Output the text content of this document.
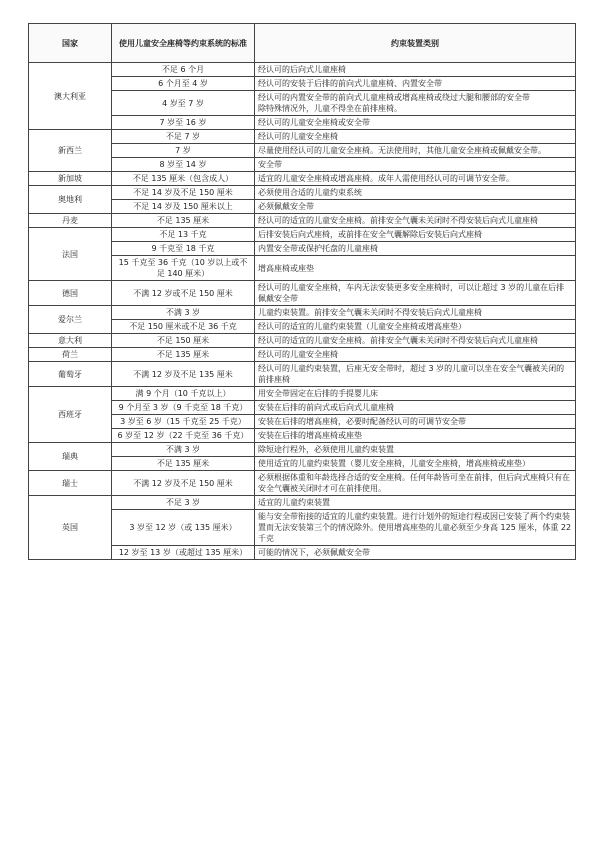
国家	使用儿童安全座椅等约束系统的标准	约束装置类别
澳大利亚	不足 6 个月	经认可的后向式儿童座椅
	6 个月至 4 岁	经认可的安装于后排的前向式儿童座椅、内置安全带
	4 岁至 7 岁	经认可的内置安全带的前向式儿童座椅或增高座椅或绕过大腿和腰部的安全带
除特殊情况外，儿童不得坐在前排座椅。
	7 岁至 16 岁	经认可的儿童安全座椅或安全带
新西兰	不足 7 岁	经认可的儿童安全座椅
	7 岁	尽量使用经认可的儿童安全座椅。无法使用时，其他儿童安全座椅或佩戴安全带。
	8 岁至 14 岁	安全带
新加坡	不足 135 厘米（包含成人）	适宜的儿童安全座椅或增高座椅。成年人需使用经认可的可调节安全带。
奥地利	不足 14 岁及不足 150 厘米	必须使用合适的儿童约束系统
	不足 14 岁及 150 厘米以上	必须佩戴安全带
丹麦	不足 135 厘米	经认可的适宜的儿童安全座椅。前排安全气囊未关闭时不得安装后向式儿童座椅
法国	不足 13 千克	后排安装后向式座椅，或前排在安全气囊解除后安装后向式座椅
	9 千克至 18 千克	内置安全带或保护托盘的儿童座椅
	15 千克至 36 千克（10 岁以上或不足 140 厘米）	增高座椅或座垫
德国	不满 12 岁或不足 150 厘米	经认可的儿童安全座椅，车内无法安装更多安全座椅时，可以让超过 3 岁的儿童在后排佩戴安全带
爱尔兰	不满 3 岁	儿童约束装置。前排安全气囊未关闭时不得安装后向式儿童座椅
	不足 150 厘米或不足 36 千克	经认可的适宜的儿童约束装置（儿童安全座椅或增高座垫）
意大利	不足 150 厘米	经认可的适宜的儿童安全座椅。前排安全气囊未关闭时不得安装后向式儿童座椅
荷兰	不足 135 厘米	经认可的儿童安全座椅
葡萄牙	不满 12 岁及不足 135 厘米	经认可的儿童约束装置，后座无安全带时，超过 3 岁的儿童可以坐在安全气囊被关闭的前排座椅
西班牙	满 9 个月（10 千克以上）	用安全带固定在后排的手提婴儿床
	9 个月至 3 岁（9 千克至 18 千克）	安装在后排的前向式或后向式儿童座椅
	3 岁至 6 岁（15 千克至 25 千克）	安装在后排的增高座椅，必要时配备经认可的可调节安全带
	6 岁至 12 岁（22 千克至 36 千克）	安装在后排的增高座椅或座垫
瑞典	不满 3 岁	除短途行程外，必须使用儿童约束装置
	不足 135 厘米	使用适宜的儿童约束装置（婴儿安全座椅，儿童安全座椅，增高座椅或座垫）
瑞士	不满 12 岁及不足 150 厘米	必须根据体重和年龄选择合适的安全座椅。任何年龄皆可坐在前排，但后向式座椅只有在安全气囊被关闭时才可在前排使用。
英国	不足 3 岁	适宜的儿童约束装置
	3 岁至 12 岁（或 135 厘米）	能与安全带衔接的适宜的儿童约束装置。进行计划外的短途行程或因已安装了两个约束装置而无法安装第三个的情况除外。使用增高座垫的儿童必须至少身高 125 厘米，体重 22 千克
	12 岁至 13 岁（或超过 135 厘米）	可能的情况下，必须佩戴安全带
